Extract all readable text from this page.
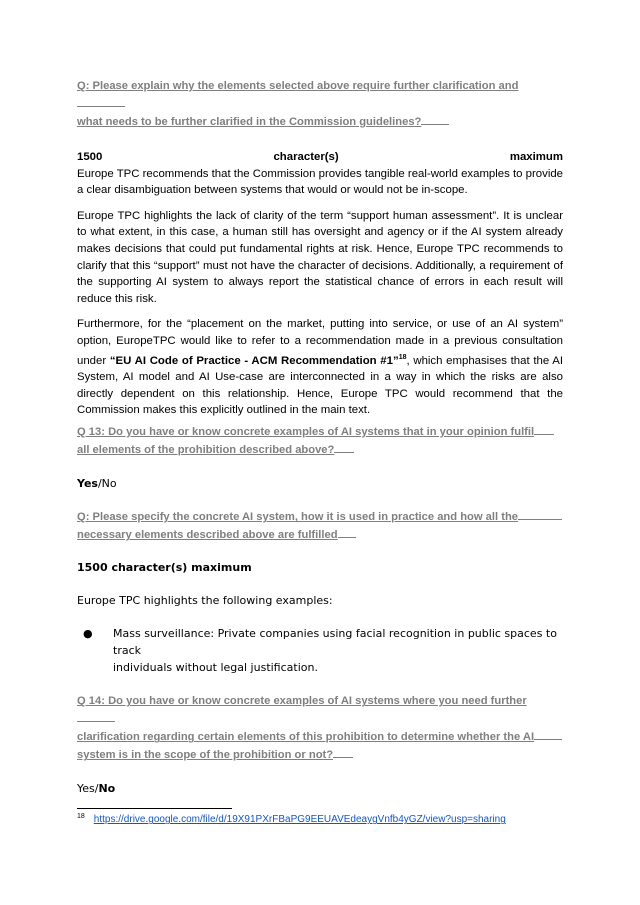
Q: Please explain why the elements selected above require further clarification and
what needs to be further clarified in the Commission guidelines?

1500	character(s)	maximum

Europe TPC recommends that the Commission provides tangible real-world examples to provide a clear disambiguation between systems that would or would not be in-scope.

Europe TPC highlights the lack of clarity of the term “support human assessment”. It is unclear to what extent, in this case, a human still has oversight and agency or if the AI system already makes decisions that could put fundamental rights at risk. Hence, Europe TPC recommends to clarify that this “support” must not have the character of decisions. Additionally, a requirement of the supporting AI system to always report the statistical chance of errors in each result will reduce this risk.

Furthermore, for the “placement on the market, putting into service, or use of an AI system” option, EuropeTPC would like to refer to a recommendation made in a previous consultation under “EU AI Code of Practice - ACM Recommendation #1”$^{18}$, which emphasises that the AI System, AI model and AI Use-case are interconnected in a way in which the risks are also directly dependent on this relationship. Hence, Europe TPC would recommend that the Commission makes this explicitly outlined in the main text.

Q 13: Do you have or know concrete examples of AI systems that in your opinion fulfil
all elements of the prohibition described above?

Yes/No

Q: Please specify the concrete AI system, how it is used in practice and how all the
necessary elements described above are fulfilled

1500 character(s) maximum

Europe TPC highlights the following examples:

●	Mass surveillance: Private companies using facial recognition in public spaces to track
individuals without legal justification.

Q 14: Do you have or know concrete examples of AI systems where you need further
clarification regarding certain elements of this prohibition to determine whether the AI
system is in the scope of the prohibition or not?

Yes/No

$^{18}$ https://drive.google.com/file/d/19X91PXrFBaPG9EEUAVEdeaygVnfb4yGZ/view?usp=sharing
